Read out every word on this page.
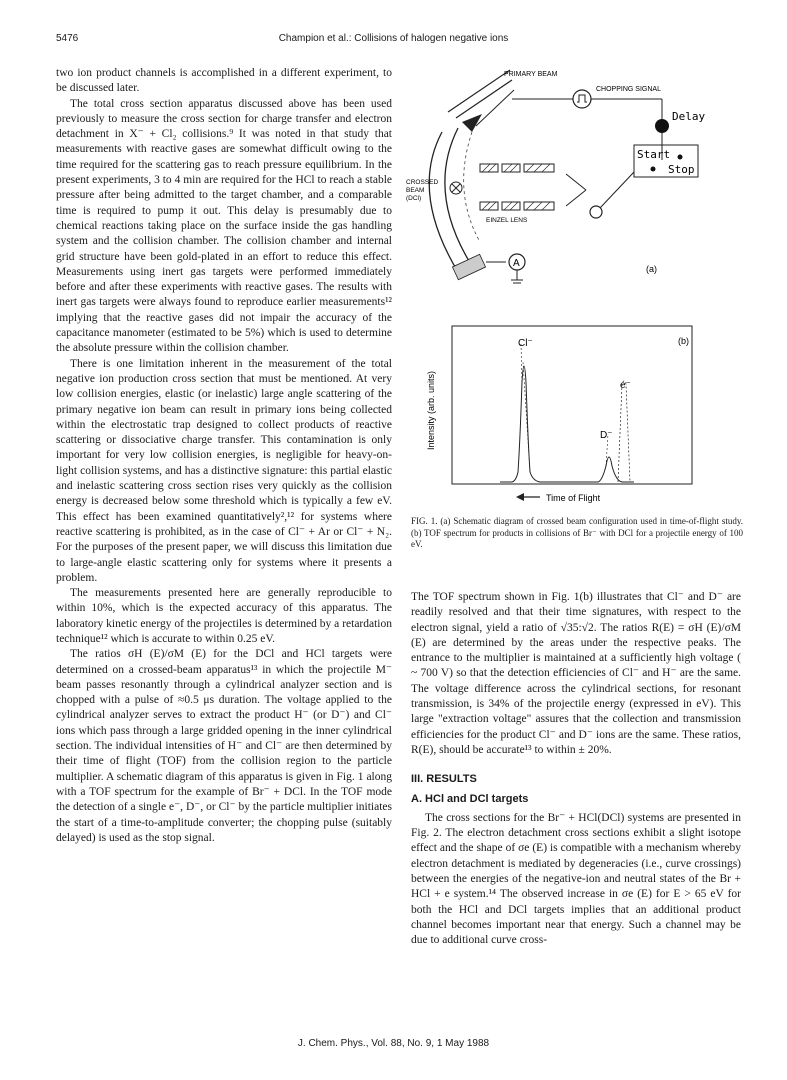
5476	Champion et al.: Collisions of halogen negative ions

two ion product channels is accomplished in a different experiment, to be discussed later.

The total cross section apparatus discussed above has been used previously to measure the cross section for charge transfer and electron detachment in X⁻ + Cl₂ collisions.⁹ It was noted in that study that measurements with reactive gases are somewhat difficult owing to the time required for the scattering gas to reach pressure equilibrium. In the present experiments, 3 to 4 min are required for the HCl to reach a stable pressure after being admitted to the target chamber, and a comparable time is required to pump it out. This delay is presumably due to chemical reactions taking place on the surface inside the gas handling system and the collision chamber. The collision chamber and internal grid structure have been gold-plated in an effort to reduce this effect. Measurements using inert gas targets were performed immediately before and after these experiments with reactive gases. The results with inert gas targets were always found to reproduce earlier measurements¹² implying that the reactive gases did not impair the accuracy of the capacitance manometer (estimated to be 5%) which is used to determine the absolute pressure within the collision chamber.

There is one limitation inherent in the measurement of the total negative ion production cross section that must be mentioned. At very low collision energies, elastic (or inelastic) large angle scattering of the primary negative ion beam can result in primary ions being collected within the electrostatic trap designed to collect products of reactive scattering or dissociative charge transfer. This contamination is only important for very low collision energies, is negligible for heavy-on-light collision systems, and has a distinctive signature: this partial elastic and inelastic scattering cross section rises very quickly as the collision energy is decreased below some threshold which is typically a few eV. This effect has been examined quantitatively²,¹² for systems where reactive scattering is prohibited, as in the case of Cl⁻ + Ar or Cl⁻ + N₂. For the purposes of the present paper, we will discuss this limitation due to large-angle elastic scattering only for systems where it presents a problem.

The measurements presented here are generally reproducible to within 10%, which is the expected accuracy of this apparatus. The laboratory kinetic energy of the projectiles is determined by a retardation technique¹² which is accurate to within 0.25 eV.

The ratios σH (E)/σM (E) for the DCl and HCl targets were determined on a crossed-beam apparatus¹³ in which the projectile M⁻ beam passes resonantly through a cylindrical analyzer section and is chopped with a pulse of ≈0.5 μs duration. The voltage applied to the cylindrical analyzer serves to extract the product H⁻ (or D⁻) and Cl⁻ ions which pass through a large gridded opening in the inner cylindrical section. The individual intensities of H⁻ and Cl⁻ are then determined by their time of flight (TOF) from the collision region to the particle multiplier. A schematic diagram of this apparatus is given in Fig. 1 along with a TOF spectrum for the example of Br⁻ + DCl. In the TOF mode the detection of a single e⁻, D⁻, or Cl⁻ by the particle multiplier initiates the start of a time-to-amplitude converter; the chopping pulse (suitably delayed) is used as the stop signal.

PRIMARY BEAM
CROSSED
BEAM
(DCl)
EINZEL LENS
CHOPPING SIGNAL
Delay
Start
Stop
A	(a)
(b)
Cl⁻
e⁻
D⁻
Intensity (arb. units)
Time of Flight
FIG. 1. (a) Schematic diagram of crossed beam configuration used in time-of-flight study. (b) TOF spectrum for products in collisions of Br⁻ with DCl for a projectile energy of 100 eV.

The TOF spectrum shown in Fig. 1(b) illustrates that Cl⁻ and D⁻ are readily resolved and that their time signatures, with respect to the electron signal, yield a ratio of √35:√2. The ratios R(E) = σH (E)/σM (E) are determined by the areas under the respective peaks. The entrance to the multiplier is maintained at a sufficiently high voltage ( ~ 700 V) so that the detection efficiencies of Cl⁻ and H⁻ are the same. The voltage difference across the cylindrical sections, for resonant transmission, is 34% of the projectile energy (expressed in eV). This large "extraction voltage" assures that the collection and transmission efficiencies for the product Cl⁻ and D⁻ ions are the same. These ratios, R(E), should be accurate¹³ to within ± 20%.

III. RESULTS
A. HCl and DCl targets

The cross sections for the Br⁻ + HCl(DCl) systems are presented in Fig. 2. The electron detachment cross sections exhibit a slight isotope effect and the shape of σe (E) is compatible with a mechanism whereby electron detachment is mediated by degeneracies (i.e., curve crossings) between the energies of the negative-ion and neutral states of the Br + HCl + e system.¹⁴ The observed increase in σe (E) for E > 65 eV for both the HCl and DCl targets implies that an additional product channel becomes important near that energy. Such a channel may be due to additional curve cross-

J. Chem. Phys., Vol. 88, No. 9, 1 May 1988
